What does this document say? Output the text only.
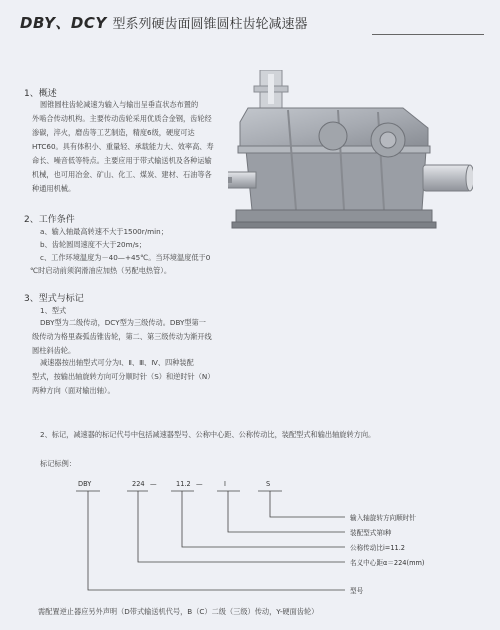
DBY、DCY 型系列硬齿面圆锥圆柱齿轮减速器
1、概述
圆锥圆柱齿轮减速为输入与输出呈垂直状态布置的
外啮合传动机构。主要传动齿轮采用优质合金钢，齿轮经
渗碳，淬火，磨齿等工艺制造，精度6级，硬度可达
HTC60。具有体积小、重量轻、承载能力大、效率高、寿
命长、噪音低等特点。主要应用于带式输送机及各种运输
机械，也可用冶金、矿山、化工、煤炭、建材、石油等各
种通用机械。
2、工作条件
a、输入轴最高转速不大于1500r/min；
b、齿轮圆周速度不大于20m/s；
c、工作环境温度为－40—+45℃。当环境温度低于0
℃时启动前须润滑油应加热（另配电热管）。
3、型式与标记
1、型式
DBY型为二级传动，DCY型为三级传动。DBY型第一
级传动为格里森弧齿锥齿轮，第二、第三级传动为渐开线
圆柱斜齿轮。
减速器按出轴型式可分为Ⅰ、Ⅱ、Ⅲ、Ⅳ、四种装配
型式，按输出轴旋转方向可分顺时针（S）和逆时针（N）
两种方向（面对输出轴）。
2、标记，减速器的标记代号中包括减速器型号、公称中心距、公称传动比，装配型式和输出轴旋转方向。
标记标例：
DBY	224 —	11.2 —	Ⅰ	S
输入轴旋转方向顺时针
装配型式第Ⅰ种
公称传动比i=11.2
名义中心距α＝224(mm)
型号
需配置逆止器应另外声明（D带式输送机代号，B（C）二级（三级）传动，Y-硬面齿轮）
